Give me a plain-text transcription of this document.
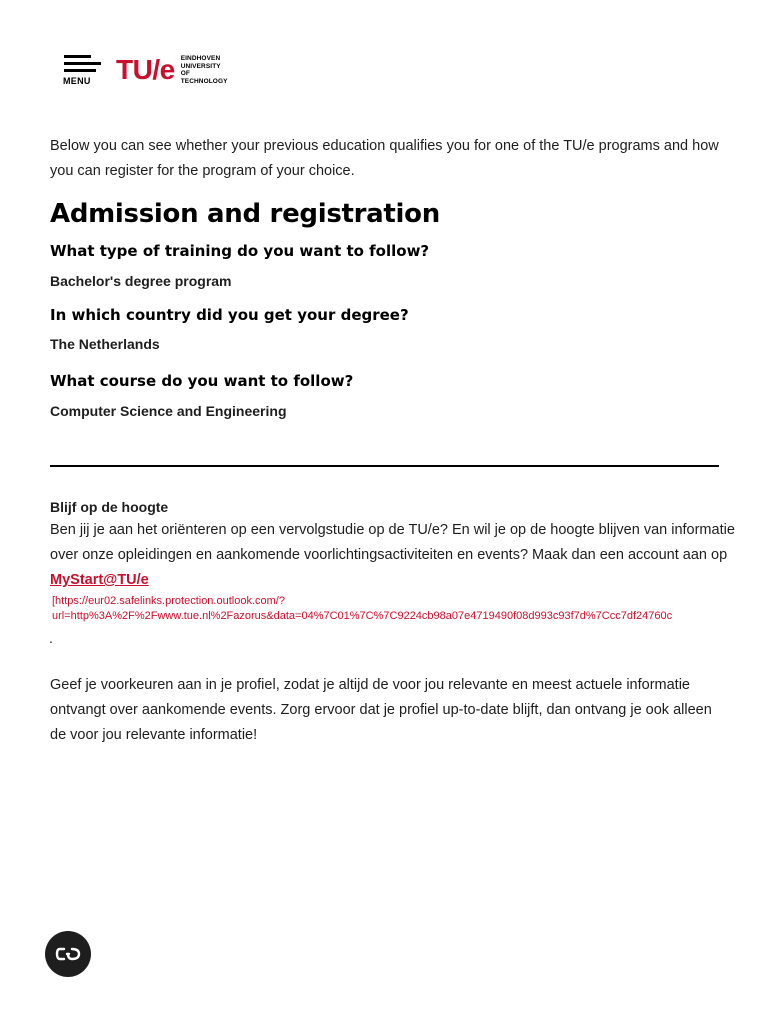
MENU TU/e EINDHOVEN
UNIVERSITY OF
TECHNOLOGY

Below you can see whether your previous education qualifies you for one of the TU/e programs and how you can register for the program of your choice.

Admission and registration
What type of training do you want to follow?

Bachelor's degree program

In which country did you get your degree?

The Netherlands

What course do you want to follow?

Computer Science and Engineering

Blijf op de hoogte

Ben jij je aan het oriënteren op een vervolgstudie op de TU/e? En wil je op de hoogte blijven van informatie over onze opleidingen en aankomende voorlichtingsactiviteiten en events? Maak dan een account aan op MyStart@TU/e

[https://eur02.safelinks.protection.outlook.com/?
url=http%3A%2F%2Fwww.tue.nl%2Fazorus&data=04%7C01%7C%7C9224cb98a07e4719490f08d993c93f7d%7Ccc7df24760c
.

Geef je voorkeuren aan in je profiel, zodat je altijd de voor jou relevante en meest actuele informatie ontvangt over aankomende events. Zorg ervoor dat je profiel up-to-date blijft, dan ontvang je ook alleen de voor jou relevante informatie!
